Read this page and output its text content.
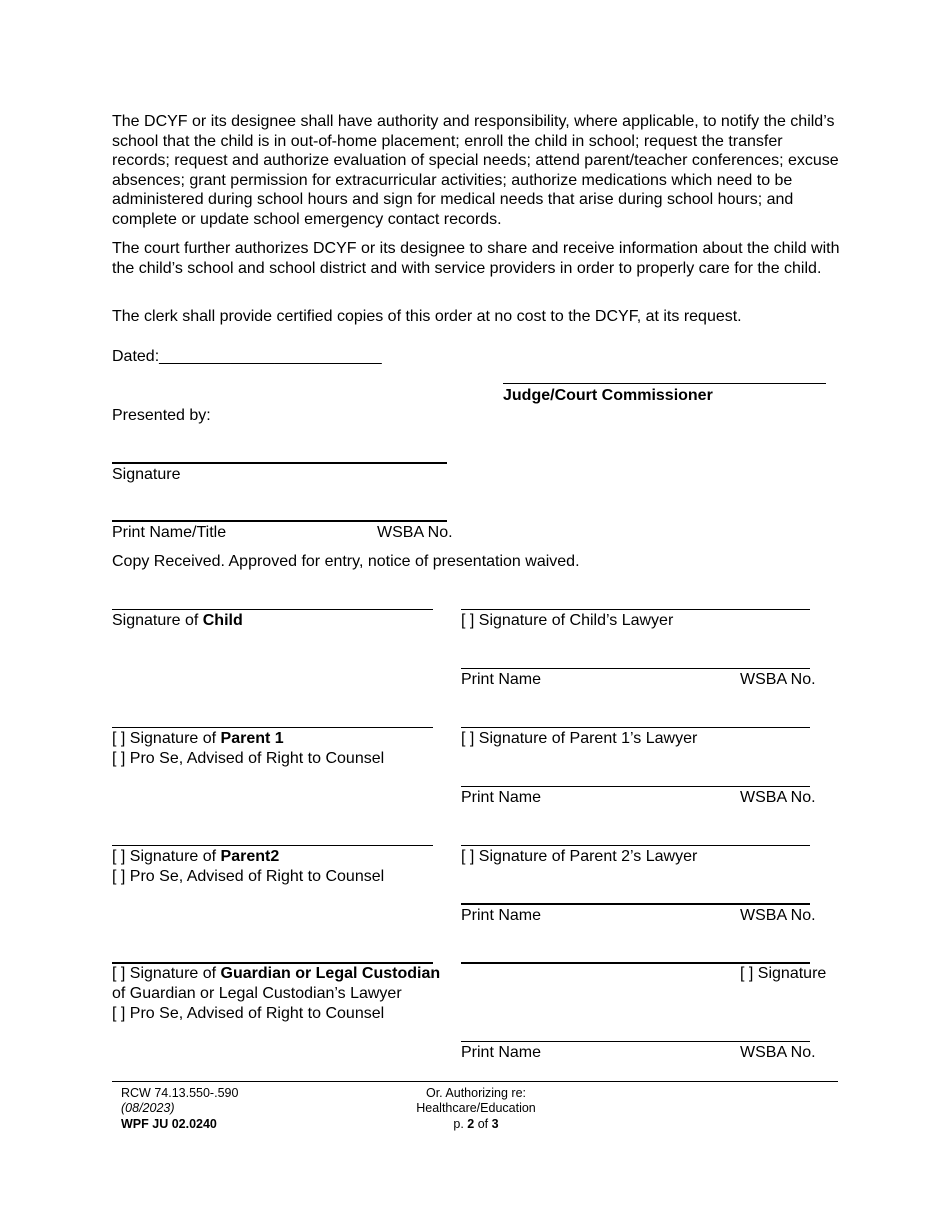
The DCYF or its designee shall have authority and responsibility, where applicable, to notify the child’s school that the child is in out-of-home placement; enroll the child in school; request the transfer records; request and authorize evaluation of special needs; attend parent/teacher conferences; excuse absences; grant permission for extracurricular activities; authorize medications which need to be administered during school hours and sign for medical needs that arise during school hours; and complete or update school emergency contact records.
The court further authorizes DCYF or its designee to share and receive information about the child with the child’s school and school district and with service providers in order to properly care for the child.
The clerk shall provide certified copies of this order at no cost to the DCYF, at its request.
Dated:_________________________
Judge/Court Commissioner
Presented by:
Signature
Print Name/Title	WSBA No.
Copy Received. Approved for entry, notice of presentation waived.
Signature of Child	[ ] Signature of Child’s Lawyer
Print Name	WSBA No.
[ ] Signature of Parent 1
[ ] Pro Se, Advised of Right to Counsel
[ ] Signature of Parent 1’s Lawyer
Print Name	WSBA No.
[ ] Signature of Parent2
[ ] Pro Se, Advised of Right to Counsel
[ ] Signature of Parent 2’s Lawyer
Print Name	WSBA No.
[ ] Signature of Guardian or Legal Custodian	[ ] Signature
of Guardian or Legal Custodian’s Lawyer
[ ] Pro Se, Advised of Right to Counsel
Print Name	WSBA No.
RCW 74.13.550-.590
(08/2023)
WPF JU 02.0240
Or. Authorizing re:
Healthcare/Education
p. 2 of 3
